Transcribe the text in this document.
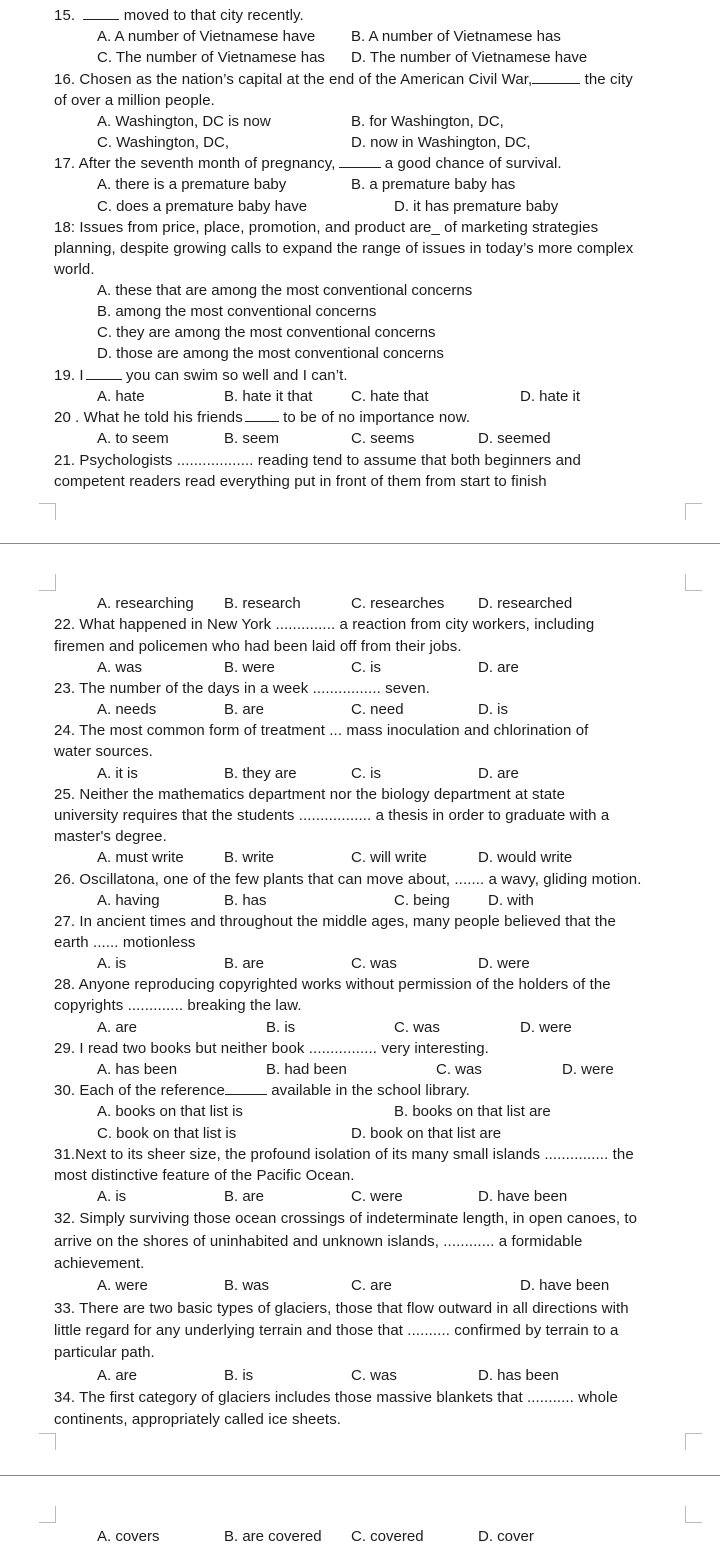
15.	moved to that city recently.
A. A number of Vietnamese have B. A number of Vietnamese has
C. The number of Vietnamese has D. The number of Vietnamese have
16. Chosen as the nation’s capital at the end of the American Civil War,	the city
of over a million people.
A. Washington, DC is now	B. for Washington, DC,
C. Washington, DC,	D. now in Washington, DC,
17. After the seventh month of pregnancy,	a good chance of survival.
A. there is a premature baby	B. a premature baby has
C. does a premature baby have	D. it has premature baby
18: Issues from price, place, promotion, and product are_ of marketing strategies
planning, despite growing calls to expand the range of issues in today’s more complex
world.
A. these that are among the most conventional concerns
B. among the most conventional concerns
C. they are among the most conventional concerns
D. those are among the most conventional concerns
19. I	you can swim so well and I can’t.
A. hate	B. hate it that	C. hate that	D. hate it
20 . What he told his friends to be of no importance now.
A. to seem	B. seem	C. seems	D. seemed
21. Psychologists .................. reading tend to assume that both beginners and
competent readers read everything put in front of them from start to finish
A. researching B. research	C. researches D. researched
22. What happened in New York .............. a reaction from city workers, including
firemen and policemen who had been laid off from their jobs.
A. was	B. were	C. is	D. are
23. The number of the days in a week ................ seven.
A. needs	B. are	C. need	D. is
24. The most common form of treatment ... mass inoculation and chlorination of
water sources.
A. it is	B. they are	C. is	D. are
25. Neither the mathematics department nor the biology department at state
university requires that the students ................. a thesis in order to graduate with a
master's degree.
A. must write	B. write	C. will write	D. would write
26. Oscillatona, one of the few plants that can move about, ....... a wavy, gliding motion.
A. having	B. has	C. being	D. with
27. In ancient times and throughout the middle ages, many people believed that the
earth ...... motionless
A. is	B. are	C. was	D. were
28. Anyone reproducing copyrighted works without permission of the holders of the
copyrights ............. breaking the law.
A. are	B. is	C. was	D. were
29. I read two books but neither book ................ very interesting.
A. has been	B. had been	C. was	D. were
30. Each of the reference	available in the school library.
A. books on that list is	B. books on that list are
C. book on that list is	D. book on that list are
31.Next to its sheer size, the profound isolation of its many small islands ............... the
most distinctive feature of the Pacific Ocean.
A. is	B. are	C. were	D. have been
32. Simply surviving those ocean crossings of indeterminate length, in open canoes, to
arrive on the shores of uninhabited and unknown islands, ............ a formidable
achievement.
A. were	B. was	C. are	D. have been
33. There are two basic types of glaciers, those that flow outward in all directions with
little regard for any underlying terrain and those that .......... confirmed by terrain to a
particular path.
A. are	B. is	C. was	D. has been
34. The first category of glaciers includes those massive blankets that ........... whole
continents, appropriately called ice sheets.
A. covers	B. are covered C. covered	D. cover
